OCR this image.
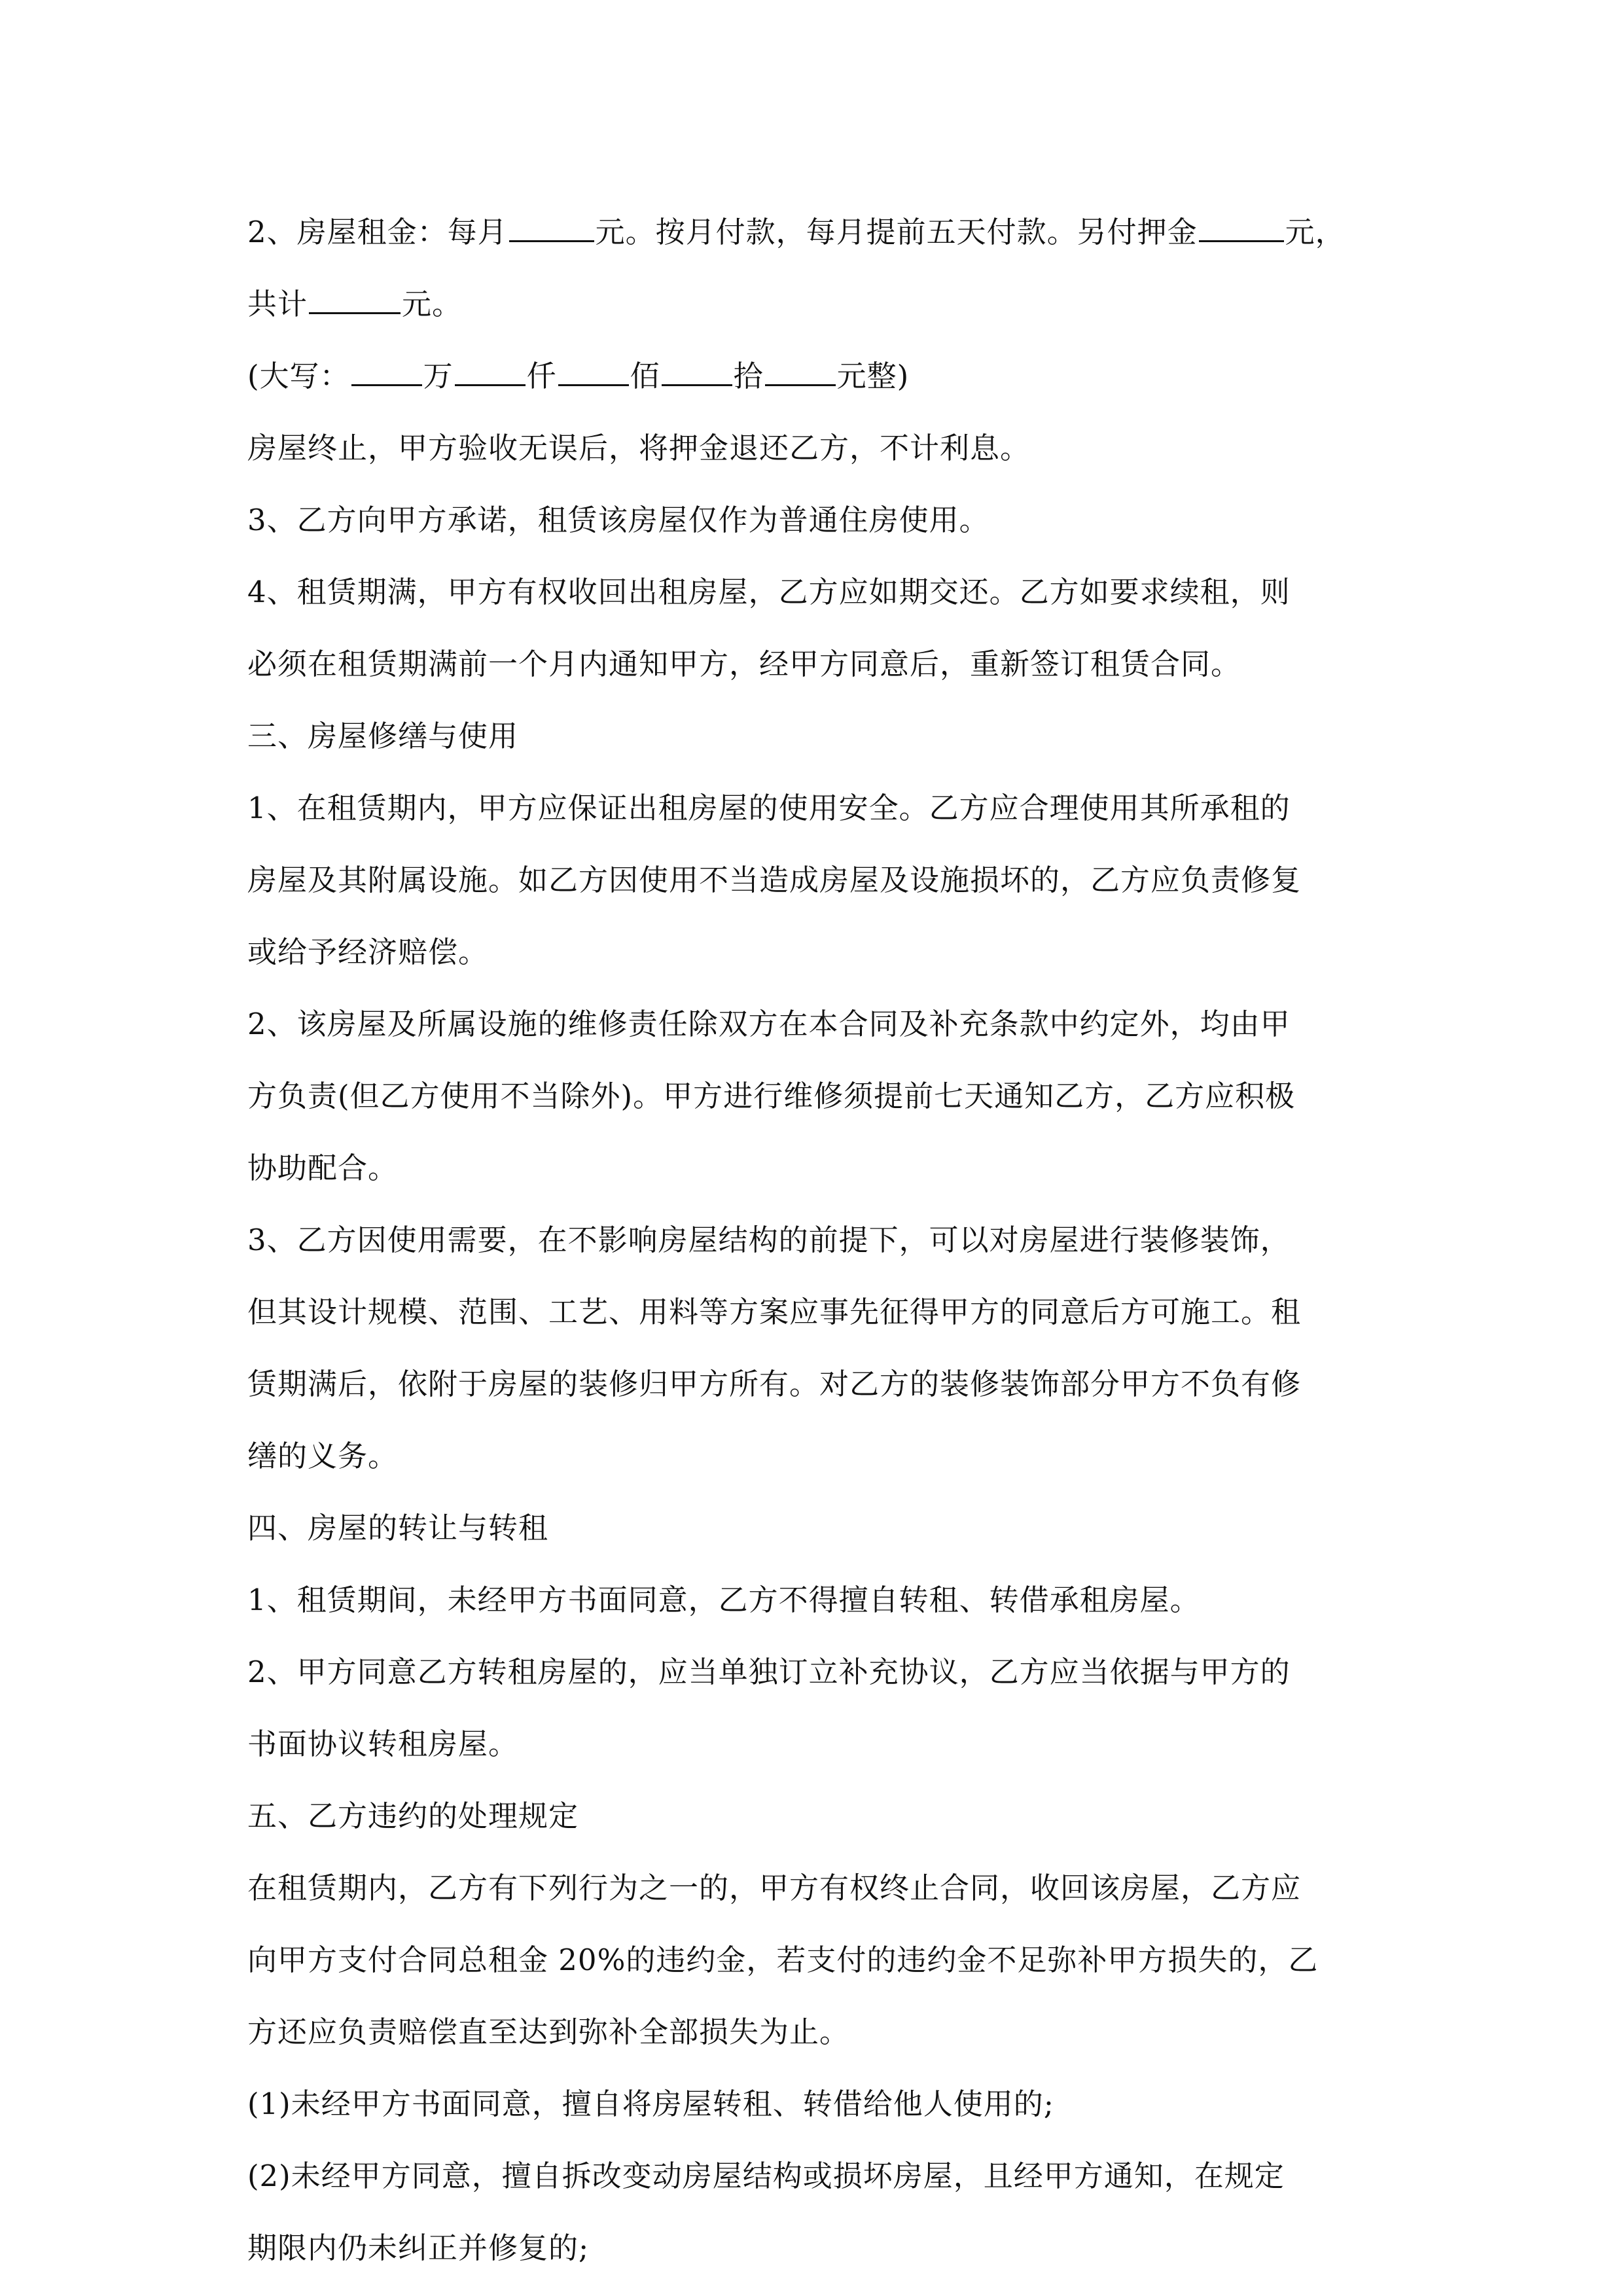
2、房屋租金：每月	元。按月付款，每月提前五天付款。另付押金	元，
共计	元。
(大写： 万 仟 佰 拾 元整)
房屋终止，甲方验收无误后，将押金退还乙方，不计利息。
3、乙方向甲方承诺，租赁该房屋仅作为普通住房使用。
4、租赁期满，甲方有权收回出租房屋，乙方应如期交还。乙方如要求续租，则
必须在租赁期满前一个月内通知甲方，经甲方同意后，重新签订租赁合同。
三、房屋修缮与使用
1、在租赁期内，甲方应保证出租房屋的使用安全。乙方应合理使用其所承租的
房屋及其附属设施。如乙方因使用不当造成房屋及设施损坏的，乙方应负责修复
或给予经济赔偿。
2、该房屋及所属设施的维修责任除双方在本合同及补充条款中约定外，均由甲
方负责(但乙方使用不当除外)。甲方进行维修须提前七天通知乙方，乙方应积极
协助配合。
3、乙方因使用需要，在不影响房屋结构的前提下，可以对房屋进行装修装饰，
但其设计规模、范围、工艺、用料等方案应事先征得甲方的同意后方可施工。租
赁期满后，依附于房屋的装修归甲方所有。对乙方的装修装饰部分甲方不负有修
缮的义务。
四、房屋的转让与转租
1、租赁期间，未经甲方书面同意，乙方不得擅自转租、转借承租房屋。
2、甲方同意乙方转租房屋的，应当单独订立补充协议，乙方应当依据与甲方的
书面协议转租房屋。
五、乙方违约的处理规定
在租赁期内，乙方有下列行为之一的，甲方有权终止合同，收回该房屋，乙方应
向甲方支付合同总租金 20%的违约金，若支付的违约金不足弥补甲方损失的，乙
方还应负责赔偿直至达到弥补全部损失为止。
(1)未经甲方书面同意，擅自将房屋转租、转借给他人使用的;
(2)未经甲方同意，擅自拆改变动房屋结构或损坏房屋，且经甲方通知，在规定
期限内仍未纠正并修复的;
